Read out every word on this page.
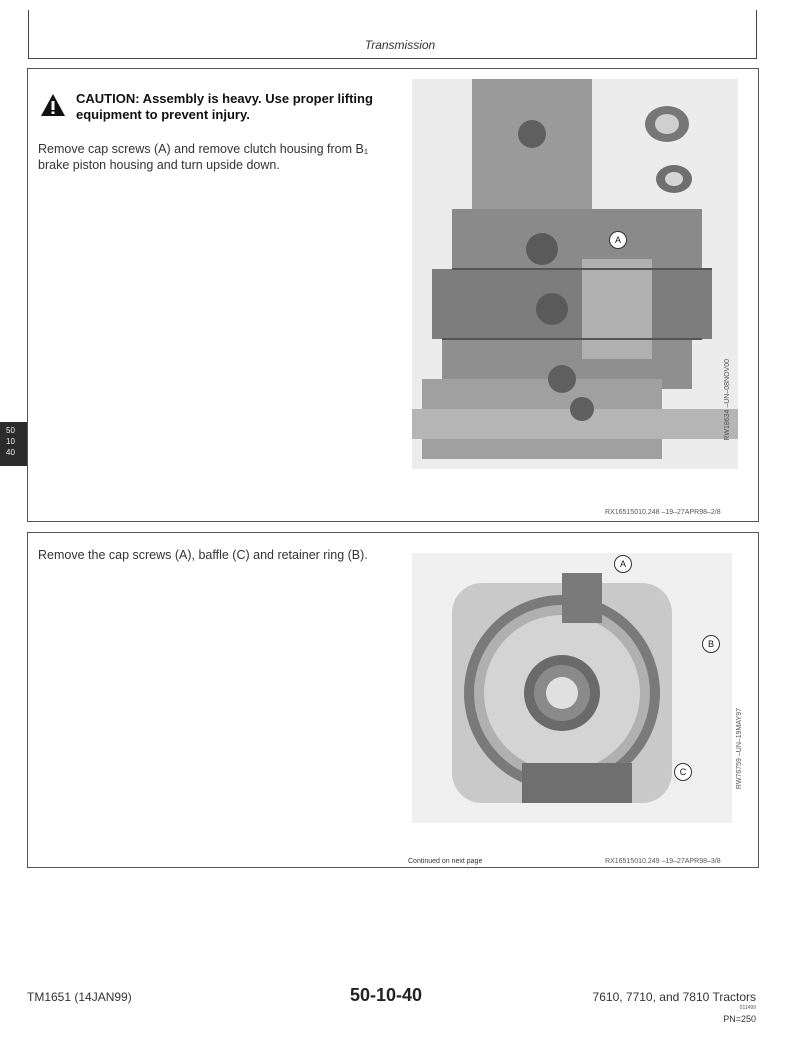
Transmission
50
10
40
CAUTION: Assembly is heavy. Use proper lifting equipment to prevent injury.
Remove cap screws (A) and remove clutch housing from B₁ brake piston housing and turn upside down.
A
RW18634 –UN–08NOV00
RX16515010.248 –19–27APR98–2/8
Remove the cap screws (A), baffle (C) and retainer ring (B).
A
B
C	RW76759 –UN–19MAY97
Continued on next page	RX16515010.249 –19–27APR98–3/8
TM1651 (14JAN99)	50-10-40	7610, 7710, and 7810 Tractors
011499
PN=250
